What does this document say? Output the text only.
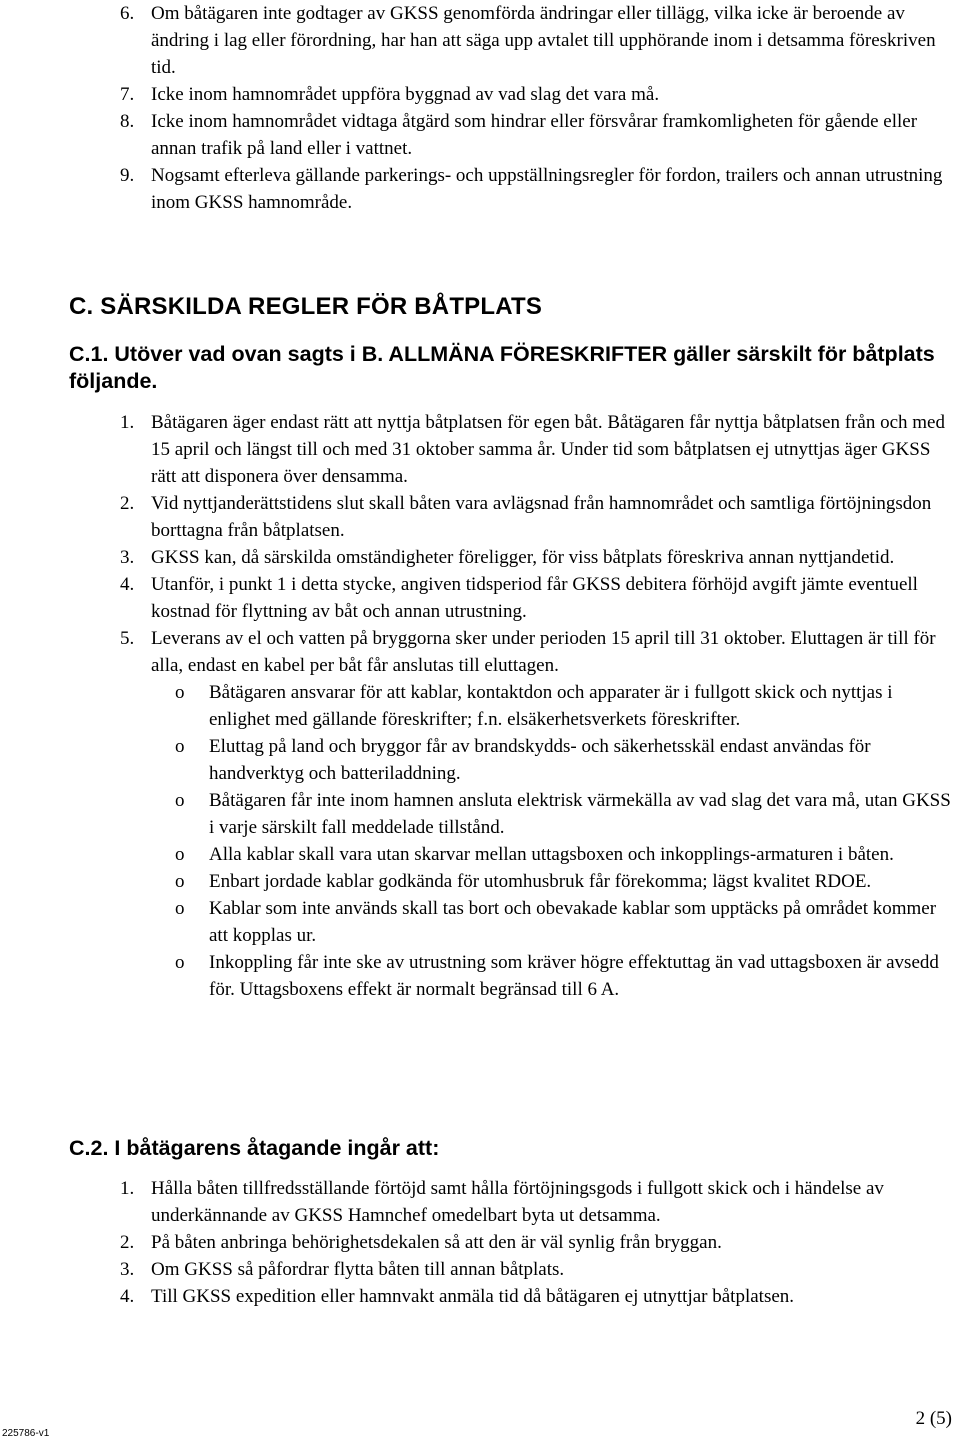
6. Om båtägaren inte godtager av GKSS genomförda ändringar eller tillägg, vilka icke är beroende av ändring i lag eller förordning, har han att säga upp avtalet till upphörande inom i detsamma föreskriven tid.
7. Icke inom hamnområdet uppföra byggnad av vad slag det vara må.
8. Icke inom hamnområdet vidtaga åtgärd som hindrar eller försvårar framkomligheten för gående eller annan trafik på land eller i vattnet.
9. Nogsamt efterleva gällande parkerings- och uppställningsregler för fordon, trailers och annan utrustning inom GKSS hamnområde.
C. SÄRSKILDA REGLER FÖR BÅTPLATS
C.1. Utöver vad ovan sagts i B. ALLMÄNA FÖRESKRIFTER gäller särskilt för båtplats följande.
1. Båtägaren äger endast rätt att nyttja båtplatsen för egen båt. Båtägaren får nyttja båtplatsen från och med 15 april och längst till och med 31 oktober samma år. Under tid som båtplatsen ej utnyttjas äger GKSS rätt att disponera över densamma.
2. Vid nyttjanderättstidens slut skall båten vara avlägsnad från hamnområdet och samtliga förtöjningsdon borttagna från båtplatsen.
3. GKSS kan, då särskilda omständigheter föreligger, för viss båtplats föreskriva annan nyttjandetid.
4. Utanför, i punkt 1 i detta stycke, angiven tidsperiod får GKSS debitera förhöjd avgift jämte eventuell kostnad för flyttning av båt och annan utrustning.
5. Leverans av el och vatten på bryggorna sker under perioden 15 april till 31 oktober. Eluttagen är till för alla, endast en kabel per båt får anslutas till eluttagen.
o Båtägaren ansvarar för att kablar, kontaktdon och apparater är i fullgott skick och nyttjas i enlighet med gällande föreskrifter; f.n. elsäkerhetsverkets föreskrifter.
o Eluttag på land och bryggor får av brandskydds- och säkerhetsskäl endast användas för handverktyg och batteriladdning.
o Båtägaren får inte inom hamnen ansluta elektrisk värmekälla av vad slag det vara må, utan GKSS i varje särskilt fall meddelade tillstånd.
o Alla kablar skall vara utan skarvar mellan uttagsboxen och inkopplings-armaturen i båten.
o Enbart jordade kablar godkända för utomhusbruk får förekomma; lägst kvalitet RDOE.
o Kablar som inte används skall tas bort och obevakade kablar som upptäcks på området kommer att kopplas ur.
o Inkoppling får inte ske av utrustning som kräver högre effektuttag än vad uttagsboxen är avsedd för. Uttagsboxens effekt är normalt begränsad till 6 A.
C.2. I båtägarens åtagande ingår att:
1. Hålla båten tillfredsställande förtöjd samt hålla förtöjningsgods i fullgott skick och i händelse av underkännande av GKSS Hamnchef omedelbart byta ut detsamma.
2. På båten anbringa behörighetsdekalen så att den är väl synlig från bryggan.
3. Om GKSS så påfordrar flytta båten till annan båtplats.
4. Till GKSS expedition eller hamnvakt anmäla tid då båtägaren ej utnyttjar båtplatsen.
225786-v1
2 (5)
